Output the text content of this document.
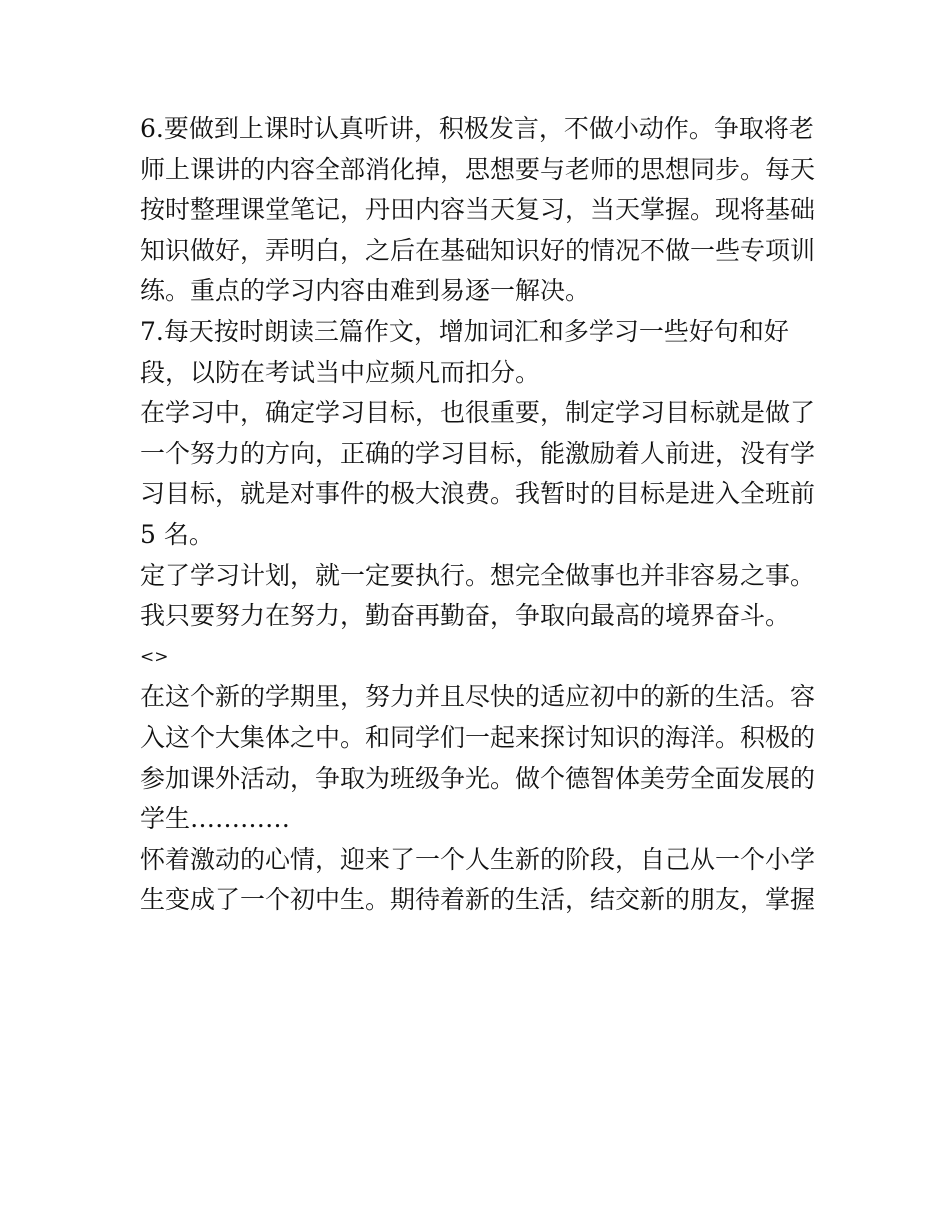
6.要做到上课时认真听讲，积极发言，不做小动作。争取将老
师上课讲的内容全部消化掉，思想要与老师的思想同步。每天
按时整理课堂笔记，丹田内容当天复习，当天掌握。现将基础
知识做好，弄明白，之后在基础知识好的情况不做一些专项训
练。重点的学习内容由难到易逐一解决。
7.每天按时朗读三篇作文，增加词汇和多学习一些好句和好
段，以防在考试当中应频凡而扣分。
在学习中，确定学习目标，也很重要，制定学习目标就是做了
一个努力的方向，正确的学习目标，能激励着人前进，没有学
习目标，就是对事件的极大浪费。我暂时的目标是进入全班前
5 名。
定了学习计划，就一定要执行。想完全做事也并非容易之事。
我只要努力在努力，勤奋再勤奋，争取向最高的境界奋斗。
<>
在这个新的学期里，努力并且尽快的适应初中的新的生活。容
入这个大集体之中。和同学们一起来探讨知识的海洋。积极的
参加课外活动，争取为班级争光。做个德智体美劳全面发展的
学生…………
怀着激动的心情，迎来了一个人生新的阶段，自己从一个小学
生变成了一个初中生。期待着新的生活，结交新的朋友，掌握
